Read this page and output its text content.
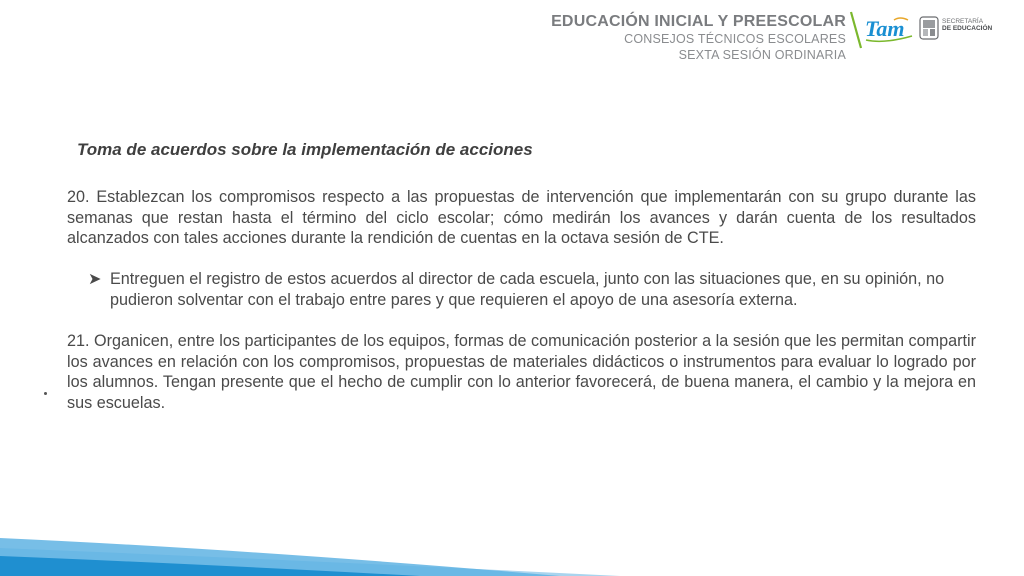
EDUCACIÓN INICIAL Y PREESCOLAR
CONSEJOS TÉCNICOS ESCOLARES
SEXTA SESIÓN ORDINARIA
Tam	SECRETARÍA
DE EDUCACIÓN
Toma de acuerdos sobre la implementación de acciones
20. Establezcan los compromisos respecto a las propuestas de intervención que implementarán con su grupo durante las semanas que restan hasta el término del ciclo escolar; cómo medirán los avances y darán cuenta de los resultados alcanzados con tales acciones durante la rendición de cuentas en la octava sesión de CTE.
➤ Entreguen el registro de estos acuerdos al director de cada escuela, junto con las situaciones que, en su opinión, no pudieron solventar con el trabajo entre pares y que requieren el apoyo de una asesoría externa.
21. Organicen, entre los participantes de los equipos, formas de comunicación posterior a la sesión que les permitan compartir los avances en relación con los compromisos, propuestas de materiales didácticos o instrumentos para evaluar lo logrado por los alumnos. Tengan presente que el hecho de cumplir con lo anterior favorecerá, de buena manera, el cambio y la mejora en sus escuelas.
